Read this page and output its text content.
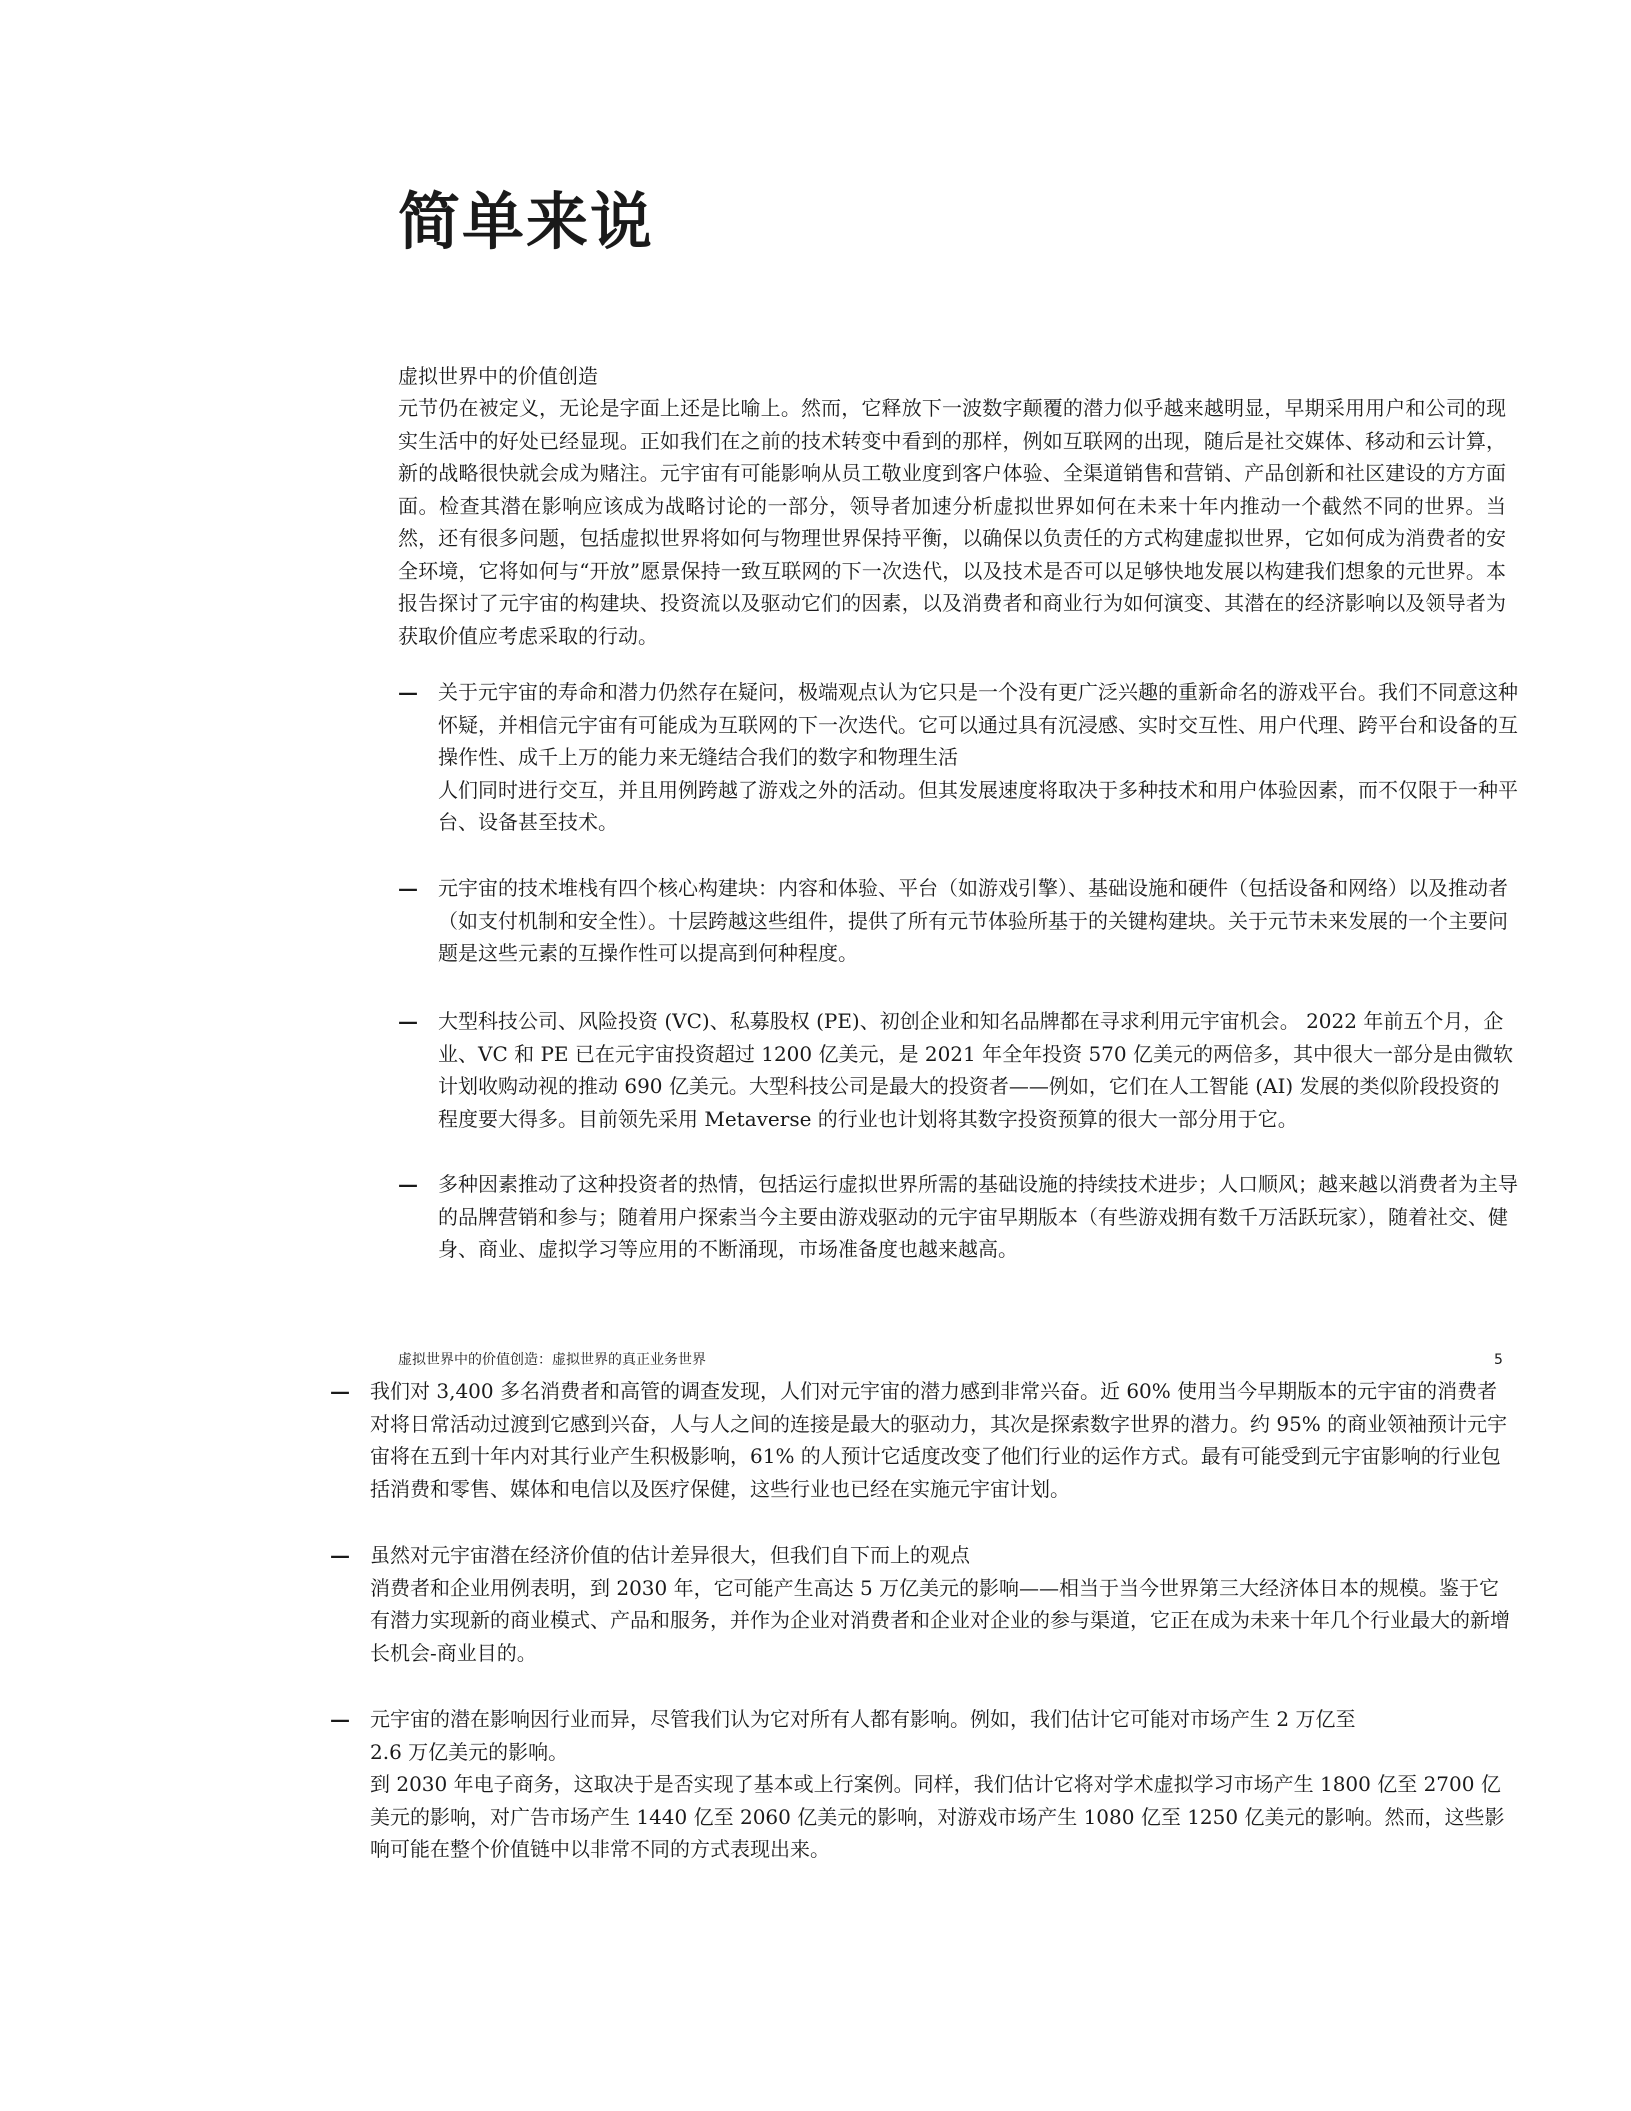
简单来说

虚拟世界中的价值创造

元节仍在被定义，无论是字面上还是比喻上。然而，它释放下一波数字颠覆的潜力似乎越来越明显，早期采用用户和公司的现实生活中的好处已经显现。正如我们在之前的技术转变中看到的那样，例如互联网的出现，随后是社交媒体、移动和云计算，新的战略很快就会成为赌注。元宇宙有可能影响从员工敬业度到客户体验、全渠道销售和营销、产品创新和社区建设的方方面面。检查其潜在影响应该成为战略讨论的一部分，领导者加速分析虚拟世界如何在未来十年内推动一个截然不同的世界。当然，还有很多问题，包括虚拟世界将如何与物理世界保持平衡，以确保以负责任的方式构建虚拟世界，它如何成为消费者的安全环境，它将如何与“开放”愿景保持一致互联网的下一次迭代，以及技术是否可以足够快地发展以构建我们想象的元世界。本报告探讨了元宇宙的构建块、投资流以及驱动它们的因素，以及消费者和商业行为如何演变、其潜在的经济影响以及领导者为获取价值应考虑采取的行动。

— 关于元宇宙的寿命和潜力仍然存在疑问，极端观点认为它只是一个没有更广泛兴趣的重新命名的游戏平台。我们不同意这种怀疑，并相信元宇宙有可能成为互联网的下一次迭代。它可以通过具有沉浸感、实时交互性、用户代理、跨平台和设备的互操作性、成千上万的能力来无缝结合我们的数字和物理生活

人们同时进行交互，并且用例跨越了游戏之外的活动。但其发展速度将取决于多种技术和用户体验因素，而不仅限于一种平台、设备甚至技术。

— 元宇宙的技术堆栈有四个核心构建块：内容和体验、平台（如游戏引擎）、基础设施和硬件（包括设备和网络）以及推动者（如支付机制和安全性）。十层跨越这些组件，提供了所有元节体验所基于的关键构建块。关于元节未来发展的一个主要问题是这些元素的互操作性可以提高到何种程度。

— 大型科技公司、风险投资 (VC)、私募股权 (PE)、初创企业和知名品牌都在寻求利用元宇宙机会。 2022 年前五个月，企业、VC 和 PE 已在元宇宙投资超过 1200 亿美元，是 2021 年全年投资 570 亿美元的两倍多，其中很大一部分是由微软计划收购动视的推动 690 亿美元。大型科技公司是最大的投资者——例如，它们在人工智能 (AI) 发展的类似阶段投资的程度要大得多。目前领先采用 Metaverse 的行业也计划将其数字投资预算的很大一部分用于它。

— 多种因素推动了这种投资者的热情，包括运行虚拟世界所需的基础设施的持续技术进步；人口顺风；越来越以消费者为主导的品牌营销和参与；随着用户探索当今主要由游戏驱动的元宇宙早期版本（有些游戏拥有数千万活跃玩家），随着社交、健身、商业、虚拟学习等应用的不断涌现，市场准备度也越来越高。

虚拟世界中的价值创造：虚拟世界的真正业务世界	5
— 我们对 3,400 多名消费者和高管的调查发现，人们对元宇宙的潜力感到非常兴奋。近 60% 使用当今早期版本的元宇宙的消费者对将日常活动过渡到它感到兴奋，人与人之间的连接是最大的驱动力，其次是探索数字世界的潜力。约 95% 的商业领袖预计元宇宙将在五到十年内对其行业产生积极影响，61% 的人预计它适度改变了他们行业的运作方式。最有可能受到元宇宙影响的行业包括消费和零售、媒体和电信以及医疗保健，这些行业也已经在实施元宇宙计划。

— 虽然对元宇宙潜在经济价值的估计差异很大，但我们自下而上的观点

消费者和企业用例表明，到 2030 年，它可能产生高达 5 万亿美元的影响——相当于当今世界第三大经济体日本的规模。鉴于它有潜力实现新的商业模式、产品和服务，并作为企业对消费者和企业对企业的参与渠道，它正在成为未来十年几个行业最大的新增长机会-商业目的。

— 元宇宙的潜在影响因行业而异，尽管我们认为它对所有人都有影响。例如，我们估计它可能对市场产生 2 万亿至

2.6 万亿美元的影响。

到 2030 年电子商务，这取决于是否实现了基本或上行案例。同样，我们估计它将对学术虚拟学习市场产生 1800 亿至 2700 亿美元的影响，对广告市场产生 1440 亿至 2060 亿美元的影响，对游戏市场产生 1080 亿至 1250 亿美元的影响。然而，这些影响可能在整个价值链中以非常不同的方式表现出来。
